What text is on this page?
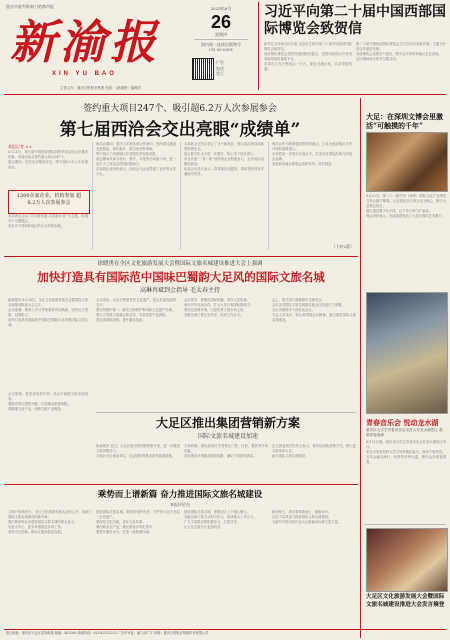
重庆市最有影响力的都市报
新渝报
XIN YU BAO
2025年6月
26
星期四
国内统一连续出版物号
CN 50-0001
广告
电话
发行
主管主办：重庆日报报业集团 出版：《新渝报》编辑部
习近平向第二十届中国西部国际博览会致贺信
新华社北京6月25日电 习近平主席向第二十届中国西部国际博览会致贺信。
西部国际博览会是国家级国际性盛会，是推动西部大开发形成新格局的重要平台。
希望各方充分利用这一平台，深化交流合作，共享发展机遇。
第二十届中国西部国际博览会当日在四川成都开幕，主题为开放合作促进发展。
本届博览会设置多个展区，吸引众多国家和地区企业参展。
会议期间举办系列主题活动。
签约重大项目247个、吸引超6.2万人次参展参会
第七届西洽会交出亮眼“成绩单”
本报记者 ××
6月25日，第七届中国西部国际投资贸易洽谈会在重庆闭幕。本届西洽会签约重大项目247个。
展会期间，各类活动精彩纷呈，吸引超6.2万人次参展参会。
1300余家企业、机构参加 超6.2万人次参展参会
本届西洽会以“共享新机遇 共创新未来”为主题，设置多个专题展区。
来自多个国家和地区的企业机构参展。
西洽会期间，重庆与多地达成合作意向，签约项目涵盖先进制造、现代服务、数字经济等领域。
集中展示了西部地区开放型经济发展成果。
展会期间共举办论坛、推介、对接等活动数十场，进一步扩大了西洽会的国际影响力。
各参展企业纷纷表示，西洽会为企业搭建了良好的合作平台。
本届展会还首次设立了多个新展区，展示前沿科技和新型消费业态。
展会数字化水平进一步提升，线上线下同步进行。
来自共建“一带一路”国家的企业积极参与，合作意向金额创新高。
组委会负责人表示，将持续优化服务，推动签约项目早落地早见效。
西洽会作为国家级投资贸易盛会，已成为西部地区对外开放的重要窗口。
未来将进一步提升办展水平，打造具有国际影响力的展会品牌。
参展商普遍反映展会组织有序、成效明显。
（下转2版）
大足：在深圳文博会里激活“可触摸的千年”
6月22日，第二十一届中国（深圳）国际文化产业博览交易会落下帷幕。大足展区以石刻文化为核心，吸引大量观众驻足。
展区通过数字化手段，让千年石刻“活”起来。
观众纷纷表示，近距离感受到了大足石刻的艺术魅力。
徐晓勇在全区文化旅游发展大会暨国际文旅名城建设推进大会上强调
加快打造具有国际范中国味巴蜀韵大足风的国际文旅名城
高琳冉斌到会指导 毛太春主持
新渝报讯 6月24日，全区文化旅游发展大会暨国际文旅名城建设推进大会召开。
会议强调，要深入学习贯彻重要讲话精神，坚持以文塑旅、以旅彰文。
加快打造具有国际范中国味巴蜀韵大足风的国际文旅名城。
会议指出，大足石刻是世界文化遗产，是大足最亮丽的名片。
要坚持保护第一，推动文物保护利用和文化遗产传承。
要大力发展文旅融合新业态，丰富旅游产品供给。
要完善基础设施，提升服务品质。
会议要求，要强化国际传播，讲好大足故事。
深化对外交流合作，扩大大足石刻国际影响力。
要优化营商环境，引进培育文旅市场主体。
各级各部门要压实责任，形成工作合力。
会上，相关部门和镇街作交流发言。
会议还对国际文旅名城建设重点任务进行了部署。
全区各级领导干部参加会议。
与会人员表示，将认真贯彻会议精神，奋力推进国际文旅名城建设。
会议强调，要坚持规划引领，高水平编制文旅发展规划。
要推动景区提档升级，打造精品旅游线路。
要做强文创产业，延伸文旅产业链条。
青春音乐会 悦动龙水湖
重庆市大学生青春音乐会走进大足龙水湖景区 唱响青春旋律
6月21日晚，重庆市大学生青春音乐会在龙水湖景区举行。
来自多所高校的大学生带来精彩演出，现场气氛热烈。
音乐会融合流行、民族等多种元素，吸引众多游客观看。
大足区推出集团营销新方案
国际文旅名城建设加速
新渝报讯 近日，大足区推出集团营销新方案，进一步激发文旅消费活力。
方案针对企事业单位、社会团体等推出系列优惠措施。
方案明确，团队游客可享受景区门票、住宿、餐饮等多项优惠。
同时推出多条精品旅游线路，满足不同群体需求。
区文旅委相关负责人表示，将持续创新营销方式，吸引更多游客来大足。
助力国际文旅名城建设。
乘势而上谱新篇 奋力推进国际文旅名城建设
本报评论员
文旅兴则城市兴。全区文化旅游发展大会的召开，吹响了国际文旅名城建设的新号角。
我们要深刻认识建设国际文旅名城的重大意义。
以更大决心、更实举措推进各项工作。
坚持守正创新，推动文旅高质量发展。
建设国际文旅名城，要坚持保护优先，守护好大足石刻这一宝贵遗产。
要深挖文化内涵，讲好大足故事。
要创新业态产品，满足游客多样化需求。
要提升服务水平，打造一流旅游环境。
建设国际文旅名城，需要全区上下凝心聚力。
各级各部门要主动担当作为，形成强大工作合力。
广大干部群众要积极参与，共建共享。
让大足文旅名片更加闪亮。
新征程上，我们要乘势而上、砥砺前行。
以实干实绩奋力推进国际文旅名城建设。
为谱写中国式现代化大足新篇章贡献文旅力量。
大足区文化旅游发展大会暨国际文旅名城建设推进大会发言摘登
报社地址：重庆市大足区龙岗街道 邮编：402360 新闻热线：023-43722222 广告许可证：渝工商广字 印刷：重庆日报报业集团印务有限公司
